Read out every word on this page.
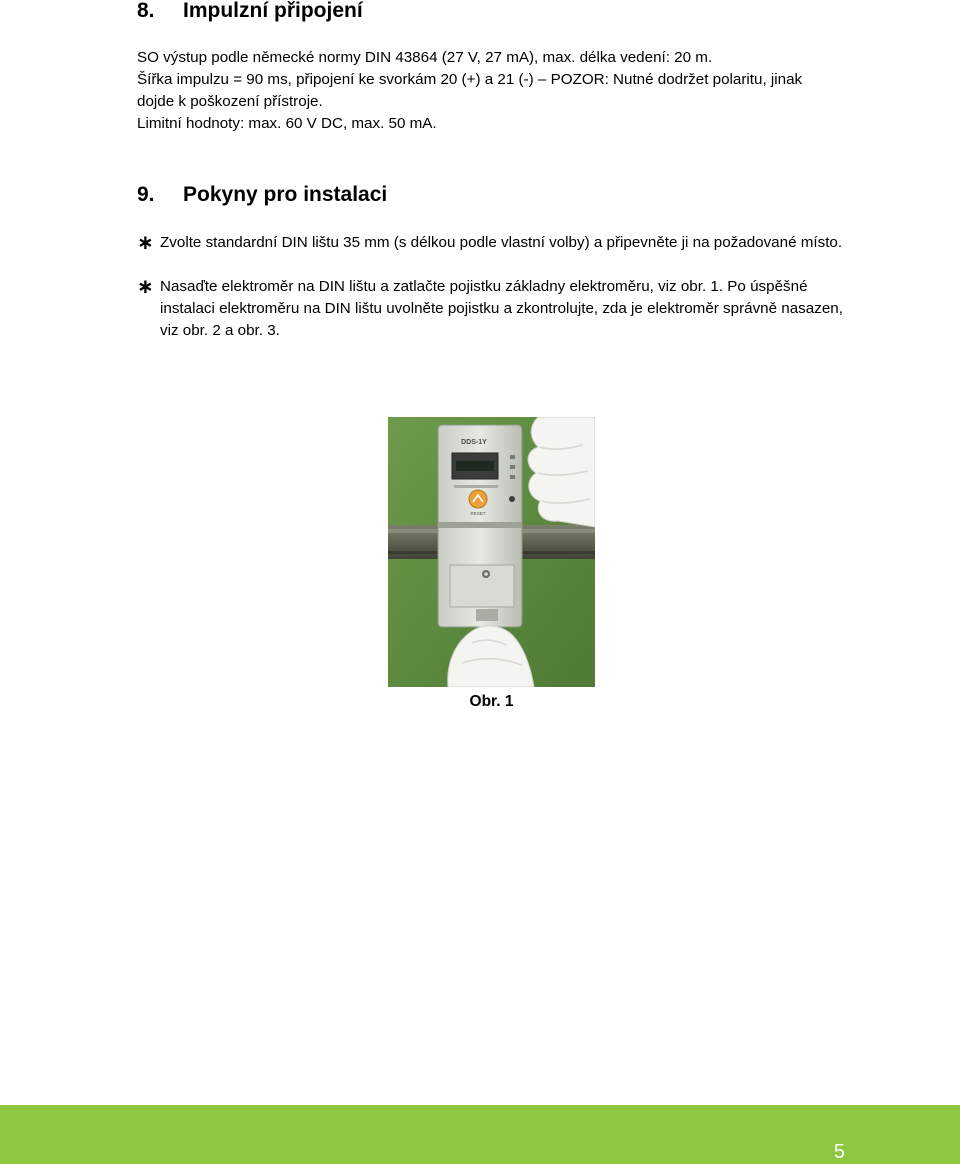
8. Impulzní připojení

SO výstup podle německé normy DIN 43864 (27 V, 27 mA), max. délka vedení: 20 m.
Šířka impulzu = 90 ms, připojení ke svorkám 20 (+) a 21 (-) – POZOR: Nutné dodržet polaritu, jinak
dojde k poškození přístroje.
Limitní hodnoty: max. 60 V DC, max. 50 mA.

9. Pokyny pro instalaci
∗ Zvolte standardní DIN lištu 35 mm (s délkou podle vlastní volby) a připevněte ji na požadované místo.
∗ Nasaďte elektroměr na DIN lištu a zatlačte pojistku základny elektroměru, viz obr. 1. Po úspěšné instalaci elektroměru na DIN lištu uvolněte pojistku a zkontrolujte, zda je elektroměr správně nasazen, viz obr. 2 a obr. 3.
DDS-1Y
RESET
Obr. 1
5
